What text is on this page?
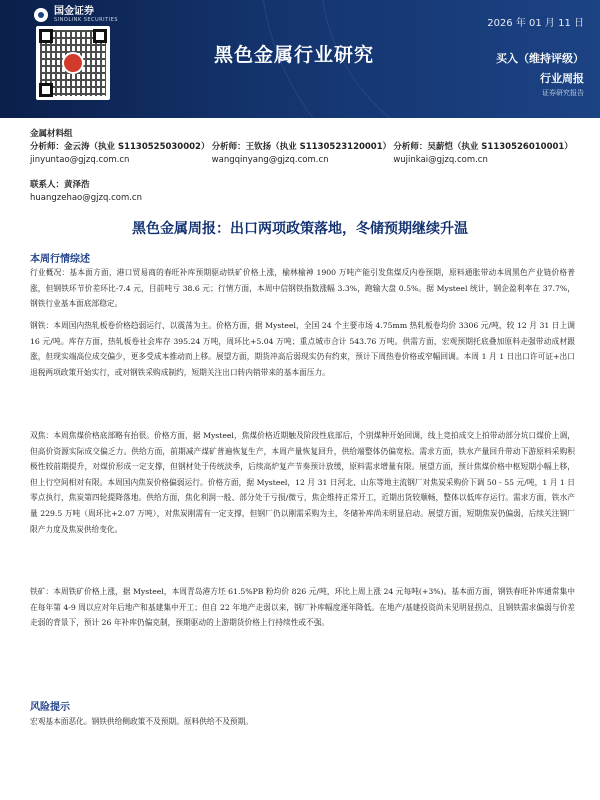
国金证券
SINOLINK SECURITIES	2026 年 01 月 11 日
黑色金属行业研究	买入（维持评级）
行业周报
证券研究报告
金属材料组
分析师：金云涛（执业 S1130525030002）
jinyuntao@gjzq.com.cn
分析师：王钦扬（执业 S1130523120001）
wangqinyang@gjzq.com.cn
分析师：吴薪恺（执业 S1130526010001）
wujinkai@gjzq.com.cn
联系人：黄泽浩
huangzehao@gjzq.com.cn
黑色金属周报：出口两项政策落地，冬储预期继续升温
本周行情综述

行业概况：基本面方面，港口贸易商的春旺补库预期驱动铁矿价格上涨，榆林榆神 1900 万吨产能引发焦煤反内卷预期，原料通胀带动本周黑色产业链价格普涨，但钢铁环节价差环比-7.4 元，目前吨亏 38.6 元；行情方面，本周中信钢铁指数涨幅 3.3%，跑输大盘 0.5%。据 Mysteel 统计，钢企盈利率在 37.7%，钢铁行业基本面底部稳定。

钢铁：本周国内热轧板卷价格趋弱运行、以震荡为主。价格方面，据 Mysteel，全国 24 个主要市场 4.75mm 热轧板卷均价 3306 元/吨，较 12 月 31 日上调 16 元/吨。库存方面，热轧板卷社会库存 395.24 万吨，周环比+5.04 万吨；重点城市合计 543.76 万吨。供需方面，宏观预期托底叠加原料走强带动成材跟涨，但现实端高位成交偏少，更多受成本推动而上移。展望方面，期货冲高后弱现实仍有约束，预计下周热卷价格或窄幅回调。本周 1 月 1 日出口许可证+出口退税两项政策开始实行，或对钢铁采购成制约，短期关注出口转内销带来的基本面压力。

双焦：本周焦煤价格底部略有抬很。价格方面，据 Mysteel，焦煤价格近期触及阶段性底部后，个别煤种开始回调，线上竞拍成交上拍带动部分坑口煤价上调，但高价资源实际成交偏乏力。供给方面，前期减产煤矿普遍恢复生产，本周产量恢复回升，供给端整体仍偏宽松。需求方面，铁水产量回升带动下游原料采购积极性较前期提升，对煤价形成一定支撑，但钢材处于传统淡季，后续高炉复产节奏预计放缓，原料需求增量有限。展望方面，预计焦煤价格中枢短期小幅上移，但上行空间相对有限。本周国内焦炭价格偏弱运行。价格方面，据 Mysteel，12 月 31 日河北、山东等地主流钢厂对焦炭采购价下调 50 - 55 元/吨，1 月 1 日零点执行，焦炭第四轮提降落地。供给方面，焦化利润一般、部分处于亏损/微亏，焦企维持正常开工，近期出货较顺畅，整体以低库存运行。需求方面，铁水产量 229.5 万吨（周环比+2.07 万吨），对焦炭刚需有一定支撑，但钢厂仍以刚需采购为主，冬储补库尚未明显启动。展望方面，短期焦炭仍偏弱，后续关注钢厂限产力度及焦炭供给变化。

铁矿：本周铁矿价格上涨，据 Mysteel，本周青岛港方坯 61.5%PB 粉均价 826 元/吨，环比上周上涨 24 元每吨(+3%)。基本面方面，钢铁春旺补库通常集中在每年第 4-9 周以应对年后地产和基建集中开工；但自 22 年地产走弱以来，钢厂补库幅度逐年降低。在地产/基建投资尚未见明显拐点、且钢铁需求偏弱与价差走弱的背景下，预计 26 年补库仍偏克制，预期驱动的上游期货价格上行持续性或不强。

风险提示

宏观基本面恶化。钢铁供给侧政策不及预期。原料供给不及预期。
